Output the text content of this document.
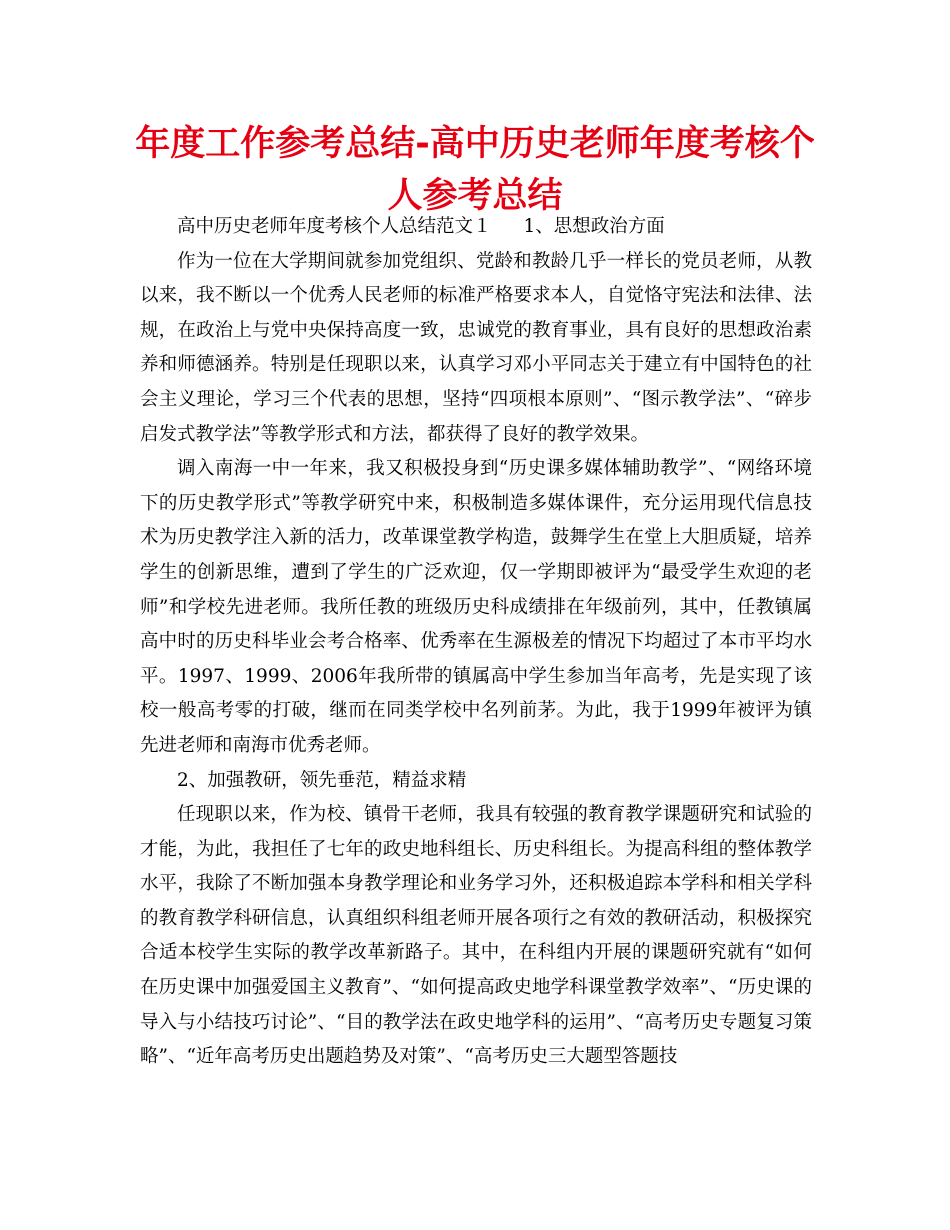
年度工作参考总结-高中历史老师年度考核个人参考总结

高中历史老师年度考核个人总结范文１ 1、思想政治方面

作为一位在大学期间就参加党组织、党龄和教龄几乎一样长的党员老师，从教以来，我不断以一个优秀人民老师的标准严格要求本人，自觉恪守宪法和法律、法规，在政治上与党中央保持高度一致，忠诚党的教育事业，具有良好的思想政治素养和师德涵养。特别是任现职以来，认真学习邓小平同志关于建立有中国特色的社会主义理论，学习三个代表的思想，坚持“四项根本原则”、“图示教学法”、“碎步启发式教学法”等教学形式和方法，都获得了良好的教学效果。

调入南海一中一年来，我又积极投身到“历史课多媒体辅助教学”、“网络环境下的历史教学形式”等教学研究中来，积极制造多媒体课件，充分运用现代信息技术为历史教学注入新的活力，改革课堂教学构造，鼓舞学生在堂上大胆质疑，培养学生的创新思维，遭到了学生的广泛欢迎，仅一学期即被评为“最受学生欢迎的老师”和学校先进老师。我所任教的班级历史科成绩排在年级前列，其中，任教镇属高中时的历史科毕业会考合格率、优秀率在生源极差的情况下均超过了本市平均水平。1997、1999、2006年我所带的镇属高中学生参加当年高考，先是实现了该校一般高考零的打破，继而在同类学校中名列前茅。为此，我于1999年被评为镇先进老师和南海市优秀老师。

2、加强教研，领先垂范，精益求精

任现职以来，作为校、镇骨干老师，我具有较强的教育教学课题研究和试验的才能，为此，我担任了七年的政史地科组长、历史科组长。为提高科组的整体教学水平，我除了不断加强本身教学理论和业务学习外，还积极追踪本学科和相关学科的教育教学科研信息，认真组织科组老师开展各项行之有效的教研活动，积极探究合适本校学生实际的教学改革新路子。其中，在科组内开展的课题研究就有“如何在历史课中加强爱国主义教育”、“如何提高政史地学科课堂教学效率”、“历史课的导入与小结技巧讨论”、“目的教学法在政史地学科的运用”、“高考历史专题复习策略”、“近年高考历史出题趋势及对策”、“高考历史三大题型答题技
